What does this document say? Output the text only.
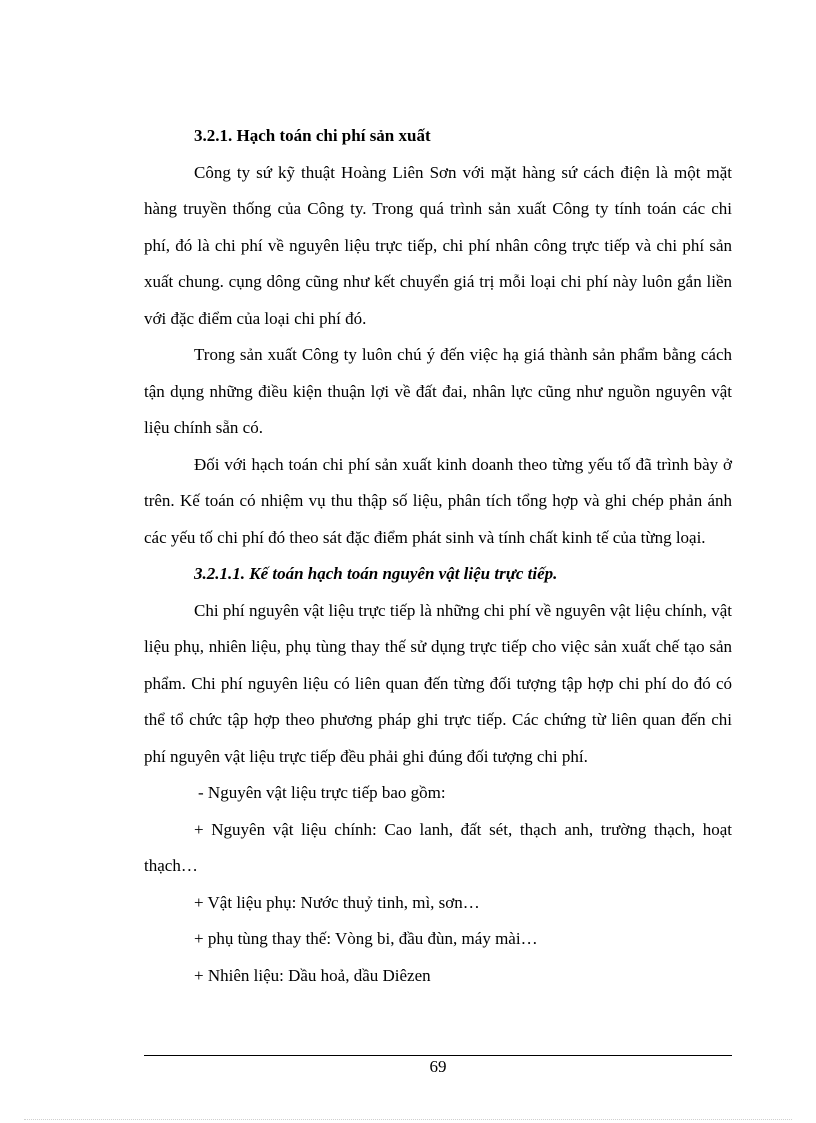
3.2.1. Hạch toán chi phí sản xuất

Công ty sứ kỹ thuật Hoàng Liên Sơn với mặt hàng sứ cách điện là một mặt hàng truyền thống của Công ty. Trong quá trình sản xuất Công ty tính toán các chi phí, đó là chi phí về nguyên liệu trực tiếp, chi phí nhân công trực tiếp và chi phí sản xuất chung. cụng dông cũng như kết chuyển giá trị mỗi loại chi phí này luôn gắn liền với đặc điểm của loại chi phí đó.

Trong sản xuất Công ty luôn chú ý đến việc hạ giá thành sản phẩm bằng cách tận dụng những điều kiện thuận lợi về đất đai, nhân lực cũng như nguồn nguyên vật liệu chính sẵn có.

Đối với hạch toán chi phí sản xuất kinh doanh theo từng yếu tố đã trình bày ở trên. Kế toán có nhiệm vụ thu thập số liệu, phân tích tổng hợp và ghi chép phản ánh các yếu tố chi phí đó theo sát đặc điểm phát sinh và tính chất kinh tế của từng loại.

3.2.1.1. Kế toán hạch toán nguyên vật liệu trực tiếp.

Chi phí nguyên vật liệu trực tiếp là những chi phí về nguyên vật liệu chính, vật liệu phụ, nhiên liệu, phụ tùng thay thế sử dụng trực tiếp cho việc sản xuất chế tạo sản phẩm. Chi phí nguyên liệu có liên quan đến từng đối tượng tập hợp chi phí do đó có thể tổ chức tập hợp theo phương pháp ghi trực tiếp. Các chứng từ liên quan đến chi phí nguyên vật liệu trực tiếp đều phải ghi đúng đối tượng chi phí.

- Nguyên vật liệu trực tiếp bao gồm:

+ Nguyên vật liệu chính: Cao lanh, đất sét, thạch anh, trường thạch, hoạt thạch…

+ Vật liệu phụ: Nước thuỷ tinh, mì, sơn…

+ phụ tùng thay thế: Vòng bi, đầu đùn, máy mài…

+ Nhiên liệu: Dầu hoả, dầu Diêzen

69
